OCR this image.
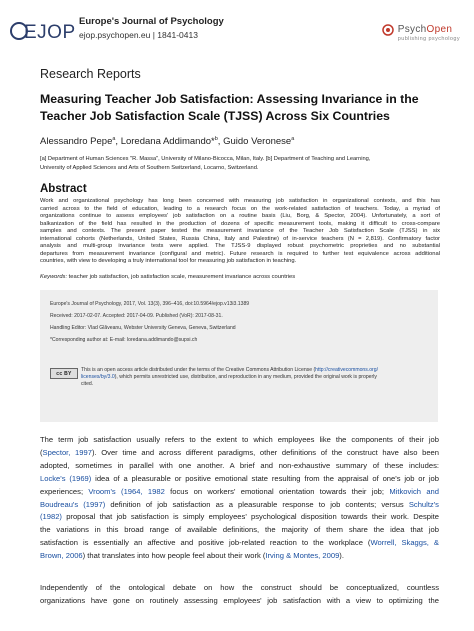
EJOP
Europe's Journal of Psychology
ejop.psychopen.eu | 1841-0413	PsychOpen
publishing psychology
Research Reports
Measuring Teacher Job Satisfaction: Assessing Invariance in the Teacher Job Satisfaction Scale (TJSS) Across Six Countries
Alessandro Pepe$^a$, Loredana Addimando*$^b$, Guido Veronese$^a$
[a] Department of Human Sciences "R. Massa", University of Milano-Bicocca, Milan, Italy. [b] Department of Teaching and Learning,
University of Applied Sciences and Arts of Southern Switzerland, Locarno, Switzerland.
Abstract
Work and organizational psychology has long been concerned with measuring job satisfaction in organizational contexts, and this has
carried across to the field of education, leading to a research focus on the work-related satisfaction of teachers. Today, a myriad of
organizations continue to assess employees' job satisfaction on a routine basis (Liu, Borg, & Spector, 2004). Unfortunately, a sort of
balkanization of the field has resulted in the production of dozens of specific measurement tools, making it difficult to cross-compare
samples and contexts. The present paper tested the measurement invariance of the Teacher Job Satisfaction Scale (TJSS) in six
international cohorts (Netherlands, United States, Russia China, Italy and Palestine) of in-service teachers (N = 2,819). Confirmatory factor
analysis and multi-group invariance tests were applied. The TJSS-9 displayed robust psychometric proprieties and no substantial
departures from measurement invariance (configural and metric). Future research is required to further test equivalence across additional
countries, with view to developing a truly international tool for measuring job satisfaction in teaching.
Keywords: teacher job satisfaction, job satisfaction scale, measurement invariance across countries
Europe's Journal of Psychology, 2017, Vol. 13(3), 396–416, doi:10.5964/ejop.v13i3.1389
Received: 2017-02-07. Accepted: 2017-04-09. Published (VoR): 2017-08-31.
Handling Editor: Vlad Glăveanu, Webster University Geneva, Geneva, Switzerland
*Corresponding author at: E-mail: loredana.addimando@supsi.ch
cc BY
This is an open access article distributed under the terms of the Creative Commons Attribution License (http://creativecommons.org/
licenses/by/3.0), which permits unrestricted use, distribution, and reproduction in any medium, provided the original work is properly
cited.
The term job satisfaction usually refers to the extent to which employees like the components of their job
(Spector, 1997). Over time and across different paradigms, other definitions of the construct have also been
adopted, sometimes in parallel with one another. A brief and non-exhaustive summary of these includes:
Locke's (1969) idea of a pleasurable or positive emotional state resulting from the appraisal of one's job or job
experiences; Vroom's (1964, 1982 focus on workers' emotional orientation towards their job; Mitkovich and
Boudreau's (1997) definition of job satisfaction as a pleasurable response to job contents; versus Schultz's
(1982) proposal that job satisfaction is simply employees' psychological disposition towards their work. Despite
the variations in this broad range of available definitions, the majority of them share the idea that job
satisfaction is essentially an affective and positive job-related reaction to the workplace (Worrell, Skaggs, &
Brown, 2006) that translates into how people feel about their work (Irving & Montes, 2009).
Independently of the ontological debate on how the construct should be conceptualized, countless
organizations have gone on routinely assessing employees' job satisfaction with a view to optimizing the
